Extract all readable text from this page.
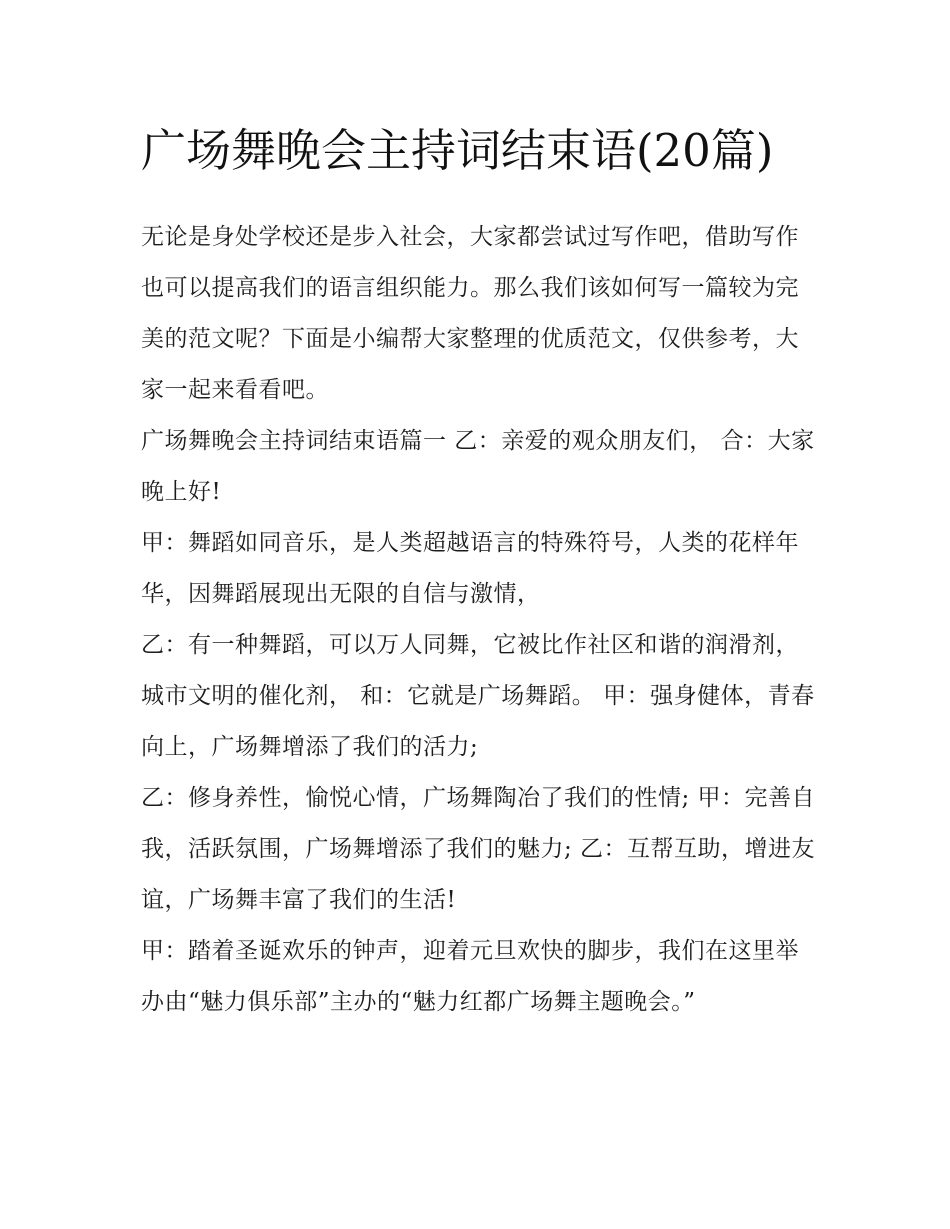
广场舞晚会主持词结束语(20篇)

无论是身处学校还是步入社会，大家都尝试过写作吧，借助写作也可以提高我们的语言组织能力。那么我们该如何写一篇较为完美的范文呢？下面是小编帮大家整理的优质范文，仅供参考，大家一起来看看吧。

广场舞晚会主持词结束语篇一 乙：亲爱的观众朋友们， 合：大家晚上好!

甲：舞蹈如同音乐，是人类超越语言的特殊符号，人类的花样年华，因舞蹈展现出无限的自信与激情，

乙：有一种舞蹈，可以万人同舞，它被比作社区和谐的润滑剂，城市文明的催化剂， 和：它就是广场舞蹈。 甲：强身健体，青春向上，广场舞增添了我们的活力;

乙：修身养性，愉悦心情，广场舞陶冶了我们的性情; 甲：完善自我，活跃氛围，广场舞增添了我们的魅力; 乙：互帮互助，增进友谊，广场舞丰富了我们的生活!

甲：踏着圣诞欢乐的钟声，迎着元旦欢快的脚步，我们在这里举办由“魅力俱乐部”主办的“魅力红都广场舞主题晚会。”
